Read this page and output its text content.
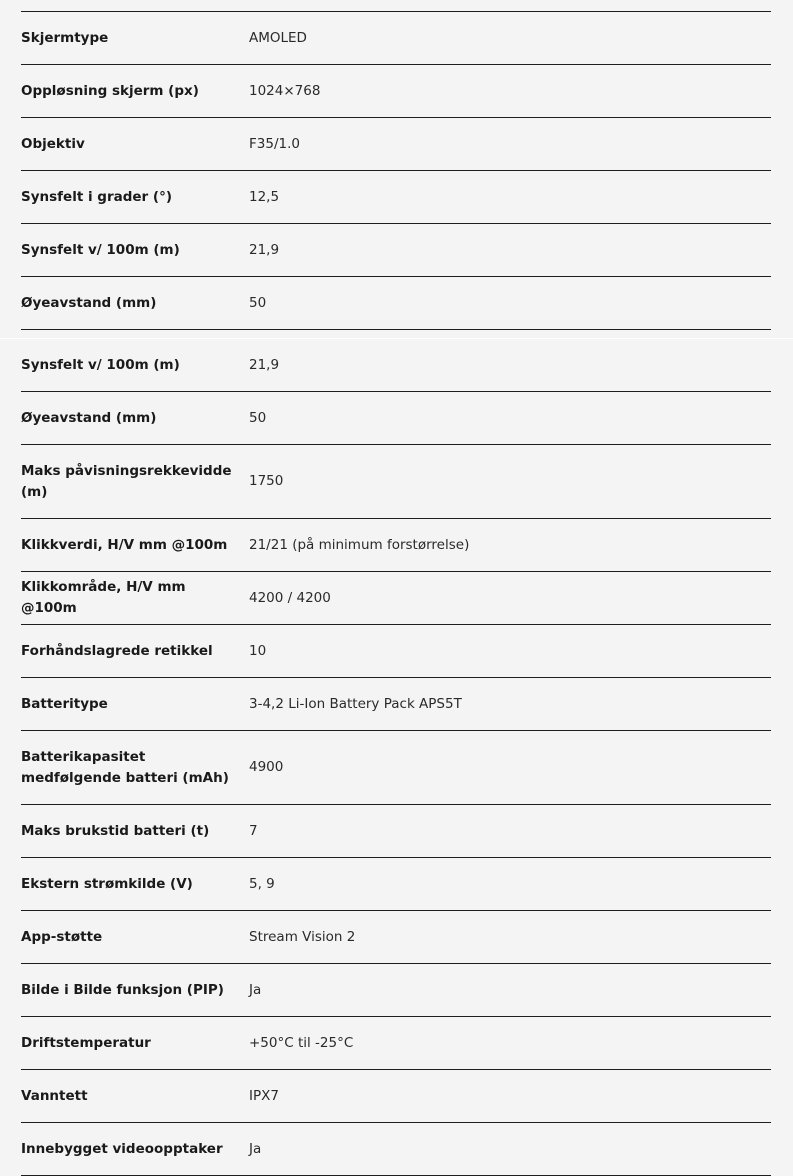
Skjermtype	AMOLED
Oppløsning skjerm (px)	1024×768
Objektiv	F35/1.0
Synsfelt i grader (°)	12,5
Synsfelt v/ 100m (m)	21,9
Øyeavstand (mm)	50
Synsfelt v/ 100m (m)	21,9
Øyeavstand (mm)	50
Maks påvisningsrekkevidde (m)	1750
Klikkverdi, H/V mm @100m	21/21 (på minimum forstørrelse)
Klikkområde, H/V mm @100m	4200 / 4200
Forhåndslagrede retikkel	10
Batteritype	3-4,2 Li-Ion Battery Pack APS5T
Batterikapasitet medfølgende batteri (mAh)	4900
Maks brukstid batteri (t)	7
Ekstern strømkilde (V)	5, 9
App-støtte	Stream Vision 2
Bilde i Bilde funksjon (PIP)	Ja
Driftstemperatur	+50°C til -25°C
Vanntett	IPX7
Innebygget videoopptaker	Ja
